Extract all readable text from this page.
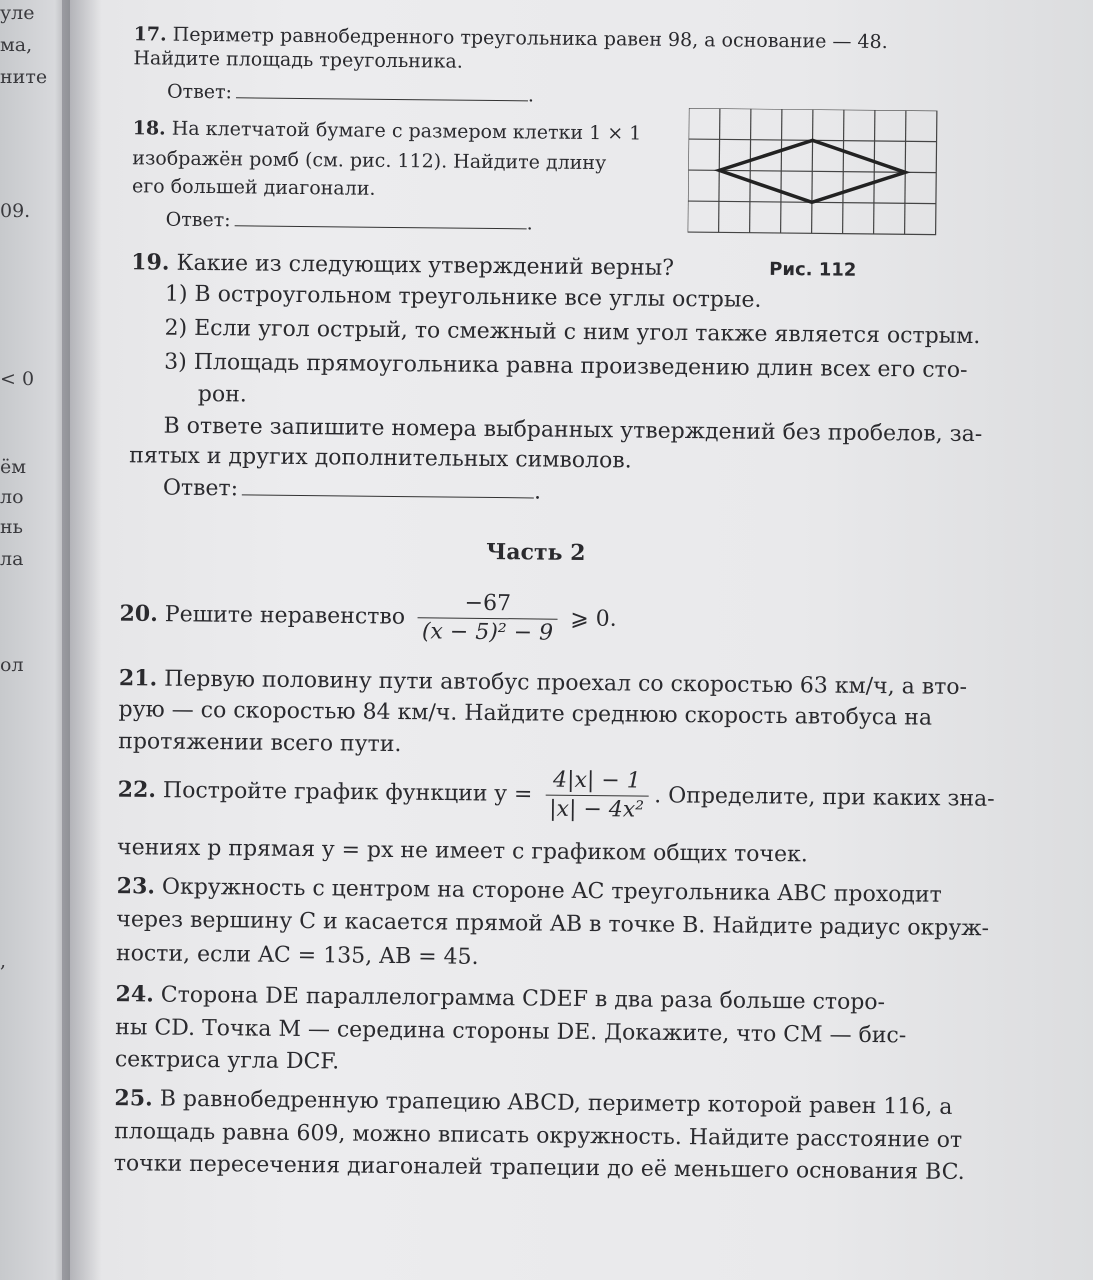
уле
ма,
ните
09.
< 0
ём
ло
нь
ла
ол
,
17. Периметр равнобедренного треугольника равен 98, а основание — 48.
Найдите площадь треугольника.
Ответ:	.
18. На клетчатой бумаге с размером клетки 1 × 1
изображён ромб (см. рис. 112). Найдите длину
его большей диагонали.
Ответ:	.
Рис. 112
19. Какие из следующих утверждений верны?
1) В остроугольном треугольнике все углы острые.
2) Если угол острый, то смежный с ним угол также является острым.
3) Площадь прямоугольника равна произведению длин всех его сто-
рон.
В ответе запишите номера выбранных утверждений без пробелов, за-
пятых и других дополнительных символов.
Ответ:	.
Часть 2
20. Решите неравенство $\frac{-67}{\text{(x − 5)² − 9}}$ ⩾ 0.
21. Первую половину пути автобус проехал со скоростью 63 км/ч, а вто-
рую — со скоростью 84 км/ч. Найдите среднюю скорость автобуса на
протяжении всего пути.
22. Постройте график функции $y = \frac{4|x| - 1}{\text{|x| − 4x²}}$ . Определите, при каких зна-
чениях p прямая y = px не имеет с графиком общих точек.
23. Окружность с центром на стороне AC треугольника ABC проходит
через вершину C и касается прямой AB в точке B. Найдите радиус окруж-
ности, если AC = 135, AB = 45.
24. Сторона DE параллелограмма CDEF в два раза больше сторо-
ны CD. Точка M — середина стороны DE. Докажите, что CM — бис-
сектриса угла DCF.
25. В равнобедренную трапецию ABCD, периметр которой равен 116, а
площадь равна 609, можно вписать окружность. Найдите расстояние от
точки пересечения диагоналей трапеции до её меньшего основания BC.
